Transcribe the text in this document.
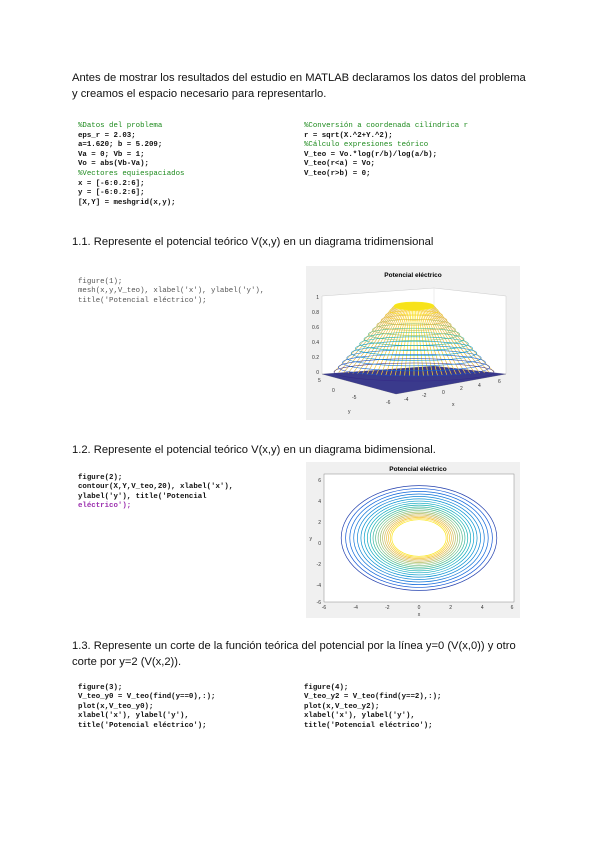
Antes de mostrar los resultados del estudio en MATLAB declaramos los datos del problema
y creamos el espacio necesario para representarlo.
%Datos del problema
eps_r = 2.03;
a=1.620; b = 5.209;
Va = 0; Vb = 1;
Vo = abs(Vb-Va);
%Vectores equiespaciados
x = [-6:0.2:6];
y = [-6:0.2:6];
[X,Y] = meshgrid(x,y);
%Conversión a coordenada cilíndrica r
r = sqrt(X.^2+Y.^2);
%Cálculo expresiones teórico
V_teo = Vo.*log(r/b)/log(a/b);
V_teo(r<a) = Vo;
V_teo(r>b) = 0;
1.1. Represente el potencial teórico V(x,y) en un diagrama tridimensional

figure(1);
mesh(x,y,V_teo), xlabel('x'), ylabel('y'),
title('Potencial eléctrico');

Potencial eléctrico
1
0.8
0.6
0.4
0.2
0
5
0
-5
y
-6	-4
-2	0
2	4
6
x
1.2. Represente el potencial teórico V(x,y) en un diagrama bidimensional.

figure(2);
contour(X,Y,V_teo,20), xlabel('x'),
ylabel('y'), title('Potencial
eléctrico');

Potencial eléctrico
6
4
2
0
-2
-4
-6
y
-6	-4	-2	0	2	4	6
x
1.3. Represente un corte de la función teórica del potencial por la línea y=0 (V(x,0)) y otro
corte por y=2 (V(x,2)).

figure(3);
V_teo_y0 = V_teo(find(y==0),:);
plot(x,V_teo_y0);
xlabel('x'), ylabel('y'),
title('Potencial eléctrico');

figure(4);
V_teo_y2 = V_teo(find(y==2),:);
plot(x,V_teo_y2);
xlabel('x'), ylabel('y'),
title('Potencial eléctrico');
